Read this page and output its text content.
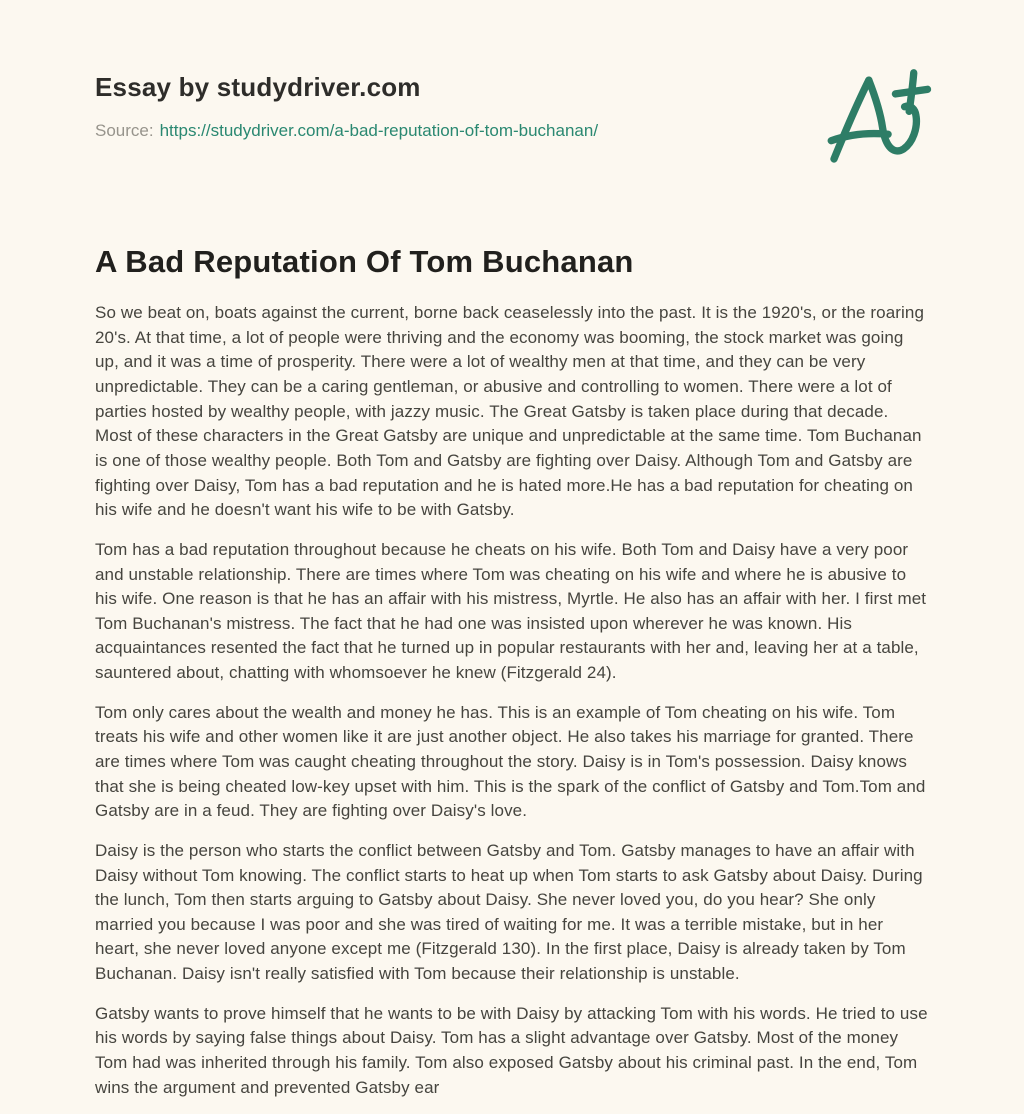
Essay by studydriver.com
Source: https://studydriver.com/a-bad-reputation-of-tom-buchanan/
A Bad Reputation Of Tom Buchanan

So we beat on, boats against the current, borne back ceaselessly into the past. It is the 1920's, or the roaring 20's. At that time, a lot of people were thriving and the economy was booming, the stock market was going up, and it was a time of prosperity. There were a lot of wealthy men at that time, and they can be very unpredictable. They can be a caring gentleman, or abusive and controlling to women. There were a lot of parties hosted by wealthy people, with jazzy music. The Great Gatsby is taken place during that decade. Most of these characters in the Great Gatsby are unique and unpredictable at the same time. Tom Buchanan is one of those wealthy people. Both Tom and Gatsby are fighting over Daisy. Although Tom and Gatsby are fighting over Daisy, Tom has a bad reputation and he is hated more.He has a bad reputation for cheating on his wife and he doesn't want his wife to be with Gatsby.

Tom has a bad reputation throughout because he cheats on his wife. Both Tom and Daisy have a very poor and unstable relationship. There are times where Tom was cheating on his wife and where he is abusive to his wife. One reason is that he has an affair with his mistress, Myrtle. He also has an affair with her. I first met Tom Buchanan's mistress. The fact that he had one was insisted upon wherever he was known. His acquaintances resented the fact that he turned up in popular restaurants with her and, leaving her at a table, sauntered about, chatting with whomsoever he knew (Fitzgerald 24).

Tom only cares about the wealth and money he has. This is an example of Tom cheating on his wife. Tom treats his wife and other women like it are just another object. He also takes his marriage for granted. There are times where Tom was caught cheating throughout the story. Daisy is in Tom's possession. Daisy knows that she is being cheated low-key upset with him. This is the spark of the conflict of Gatsby and Tom.Tom and Gatsby are in a feud. They are fighting over Daisy's love.

Daisy is the person who starts the conflict between Gatsby and Tom. Gatsby manages to have an affair with Daisy without Tom knowing. The conflict starts to heat up when Tom starts to ask Gatsby about Daisy. During the lunch, Tom then starts arguing to Gatsby about Daisy. She never loved you, do you hear? She only married you because I was poor and she was tired of waiting for me. It was a terrible mistake, but in her heart, she never loved anyone except me (Fitzgerald 130). In the first place, Daisy is already taken by Tom Buchanan. Daisy isn't really satisfied with Tom because their relationship is unstable.

Gatsby wants to prove himself that he wants to be with Daisy by attacking Tom with his words. He tried to use his words by saying false things about Daisy. Tom has a slight advantage over Gatsby. Most of the money Tom had was inherited through his family. Tom also exposed Gatsby about his criminal past. In the end, Tom wins the argument and prevented Gatsby ear
